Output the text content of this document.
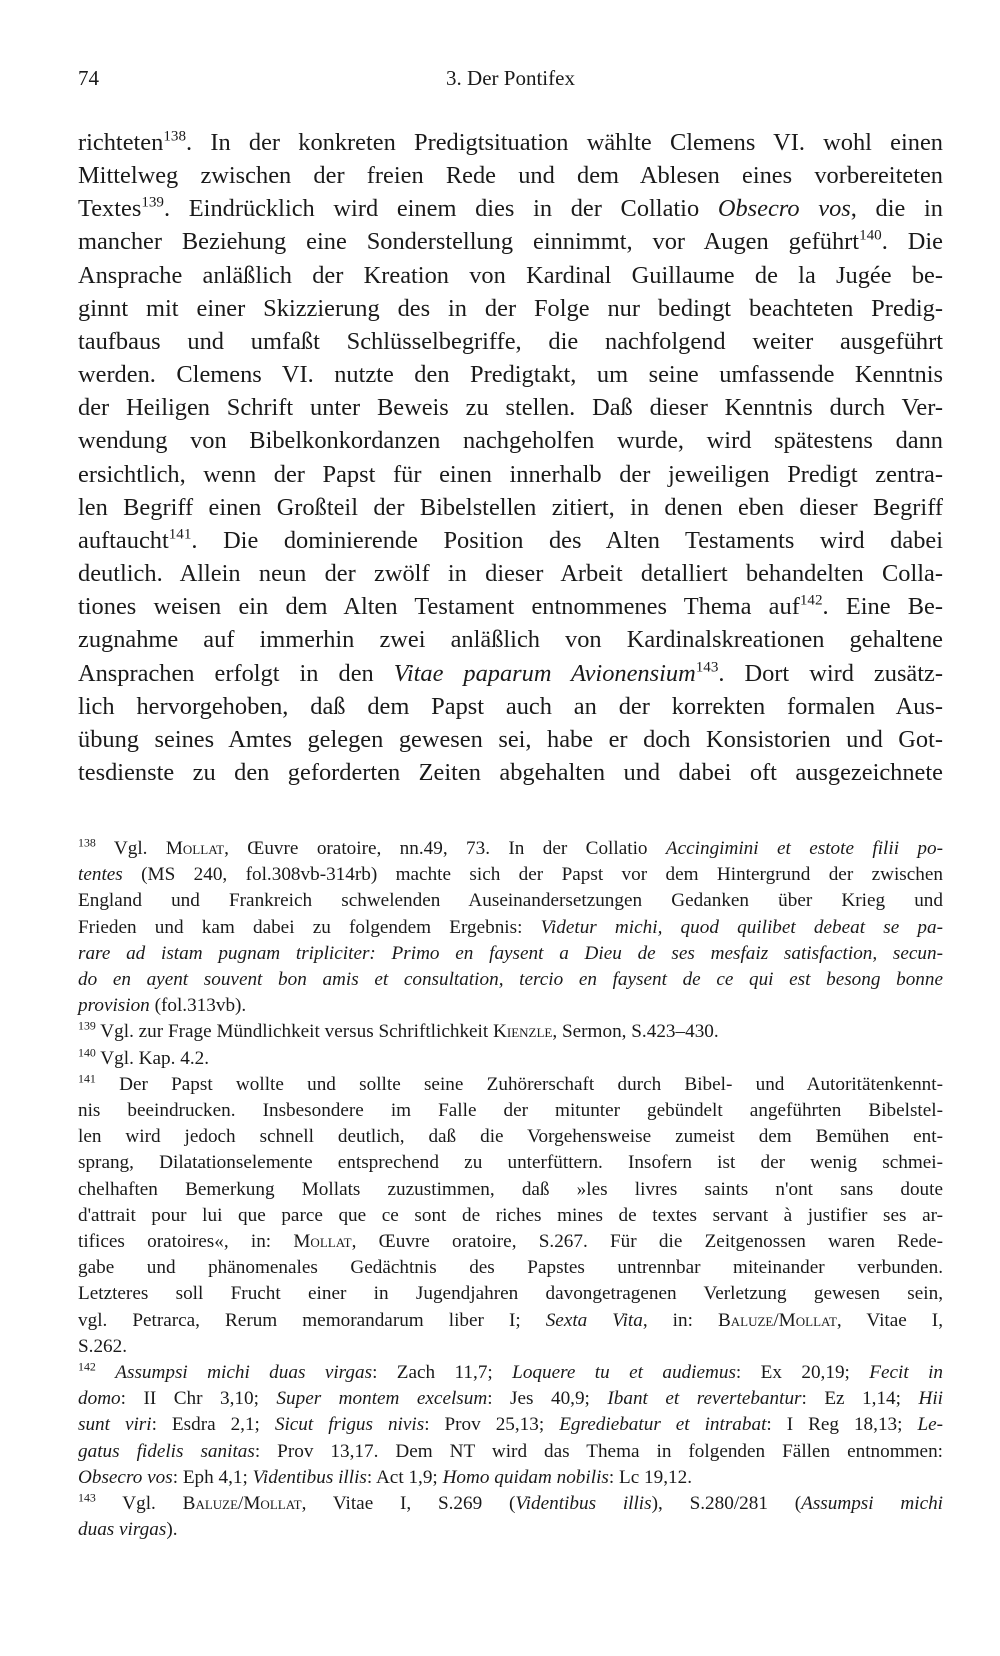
74	3. Der Pontifex
richteten$^{138}$. In der konkreten Predigtsituation wählte Clemens VI. wohl einen
Mittelweg zwischen der freien Rede und dem Ablesen eines vorbereiteten
Textes$^{139}$. Eindrücklich wird einem dies in der Collatio Obsecro vos, die in
mancher Beziehung eine Sonderstellung einnimmt, vor Augen geführt$^{140}$. Die
Ansprache anläßlich der Kreation von Kardinal Guillaume de la Jugée be-
ginnt mit einer Skizzierung des in der Folge nur bedingt beachteten Predig-
taufbaus und umfaßt Schlüsselbegriffe, die nachfolgend weiter ausgeführt
werden. Clemens VI. nutzte den Predigtakt, um seine umfassende Kenntnis
der Heiligen Schrift unter Beweis zu stellen. Daß dieser Kenntnis durch Ver-
wendung von Bibelkonkordanzen nachgeholfen wurde, wird spätestens dann
ersichtlich, wenn der Papst für einen innerhalb der jeweiligen Predigt zentra-
len Begriff einen Großteil der Bibelstellen zitiert, in denen eben dieser Begriff
auftaucht$^{141}$. Die dominierende Position des Alten Testaments wird dabei
deutlich. Allein neun der zwölf in dieser Arbeit detalliert behandelten Colla-
tiones weisen ein dem Alten Testament entnommenes Thema auf$^{142}$. Eine Be-
zugnahme auf immerhin zwei anläßlich von Kardinalskreationen gehaltene
Ansprachen erfolgt in den Vitae paparum Avionensium$^{143}$. Dort wird zusätz-
lich hervorgehoben, daß dem Papst auch an der korrekten formalen Aus-
übung seines Amtes gelegen gewesen sei, habe er doch Konsistorien und Got-
tesdienste zu den geforderten Zeiten abgehalten und dabei oft ausgezeichnete
$^{138}$ Vgl. Mollat, Œuvre oratoire, nn.49, 73. In der Collatio Accingimini et estote filii po-
tentes (MS 240, fol.308vb-314rb) machte sich der Papst vor dem Hintergrund der zwischen
England und Frankreich schwelenden Auseinandersetzungen Gedanken über Krieg und
Frieden und kam dabei zu folgendem Ergebnis: Videtur michi, quod quilibet debeat se pa-
rare ad istam pugnam tripliciter: Primo en faysent a Dieu de ses mesfaiz satisfaction, secun-
do en ayent souvent bon amis et consultation, tercio en faysent de ce qui est besong bonne
provision (fol.313vb).
$^{139}$ Vgl. zur Frage Mündlichkeit versus Schriftlichkeit Kienzle, Sermon, S.423–430.
$^{140}$ Vgl. Kap. 4.2.
$^{141}$ Der Papst wollte und sollte seine Zuhörerschaft durch Bibel- und Autoritätenkennt-
nis beeindrucken. Insbesondere im Falle der mitunter gebündelt angeführten Bibelstel-
len wird jedoch schnell deutlich, daß die Vorgehensweise zumeist dem Bemühen ent-
sprang, Dilatationselemente entsprechend zu unterfüttern. Insofern ist der wenig schmei-
chelhaften Bemerkung Mollats zuzustimmen, daß »les livres saints n'ont sans doute
d'attrait pour lui que parce que ce sont de riches mines de textes servant à justifier ses ar-
tifices oratoires«, in: Mollat, Œuvre oratoire, S.267. Für die Zeitgenossen waren Rede-
gabe und phänomenales Gedächtnis des Papstes untrennbar miteinander verbunden.
Letzteres soll Frucht einer in Jugendjahren davongetragenen Verletzung gewesen sein,
vgl. Petrarca, Rerum memorandarum liber I; Sexta Vita, in: Baluze/Mollat, Vitae I,
S.262.
$^{142}$ Assumpsi michi duas virgas: Zach 11,7; Loquere tu et audiemus: Ex 20,19; Fecit in
domo: II Chr 3,10; Super montem excelsum: Jes 40,9; Ibant et revertebantur: Ez 1,14; Hii
sunt viri: Esdra 2,1; Sicut frigus nivis: Prov 25,13; Egrediebatur et intrabat: I Reg 18,13; Le-
gatus fidelis sanitas: Prov 13,17. Dem NT wird das Thema in folgenden Fällen entnommen:
Obsecro vos: Eph 4,1; Videntibus illis: Act 1,9; Homo quidam nobilis: Lc 19,12.
$^{143}$ Vgl. Baluze/Mollat, Vitae I, S.269 (Videntibus illis), S.280/281 (Assumpsi michi
duas virgas).
